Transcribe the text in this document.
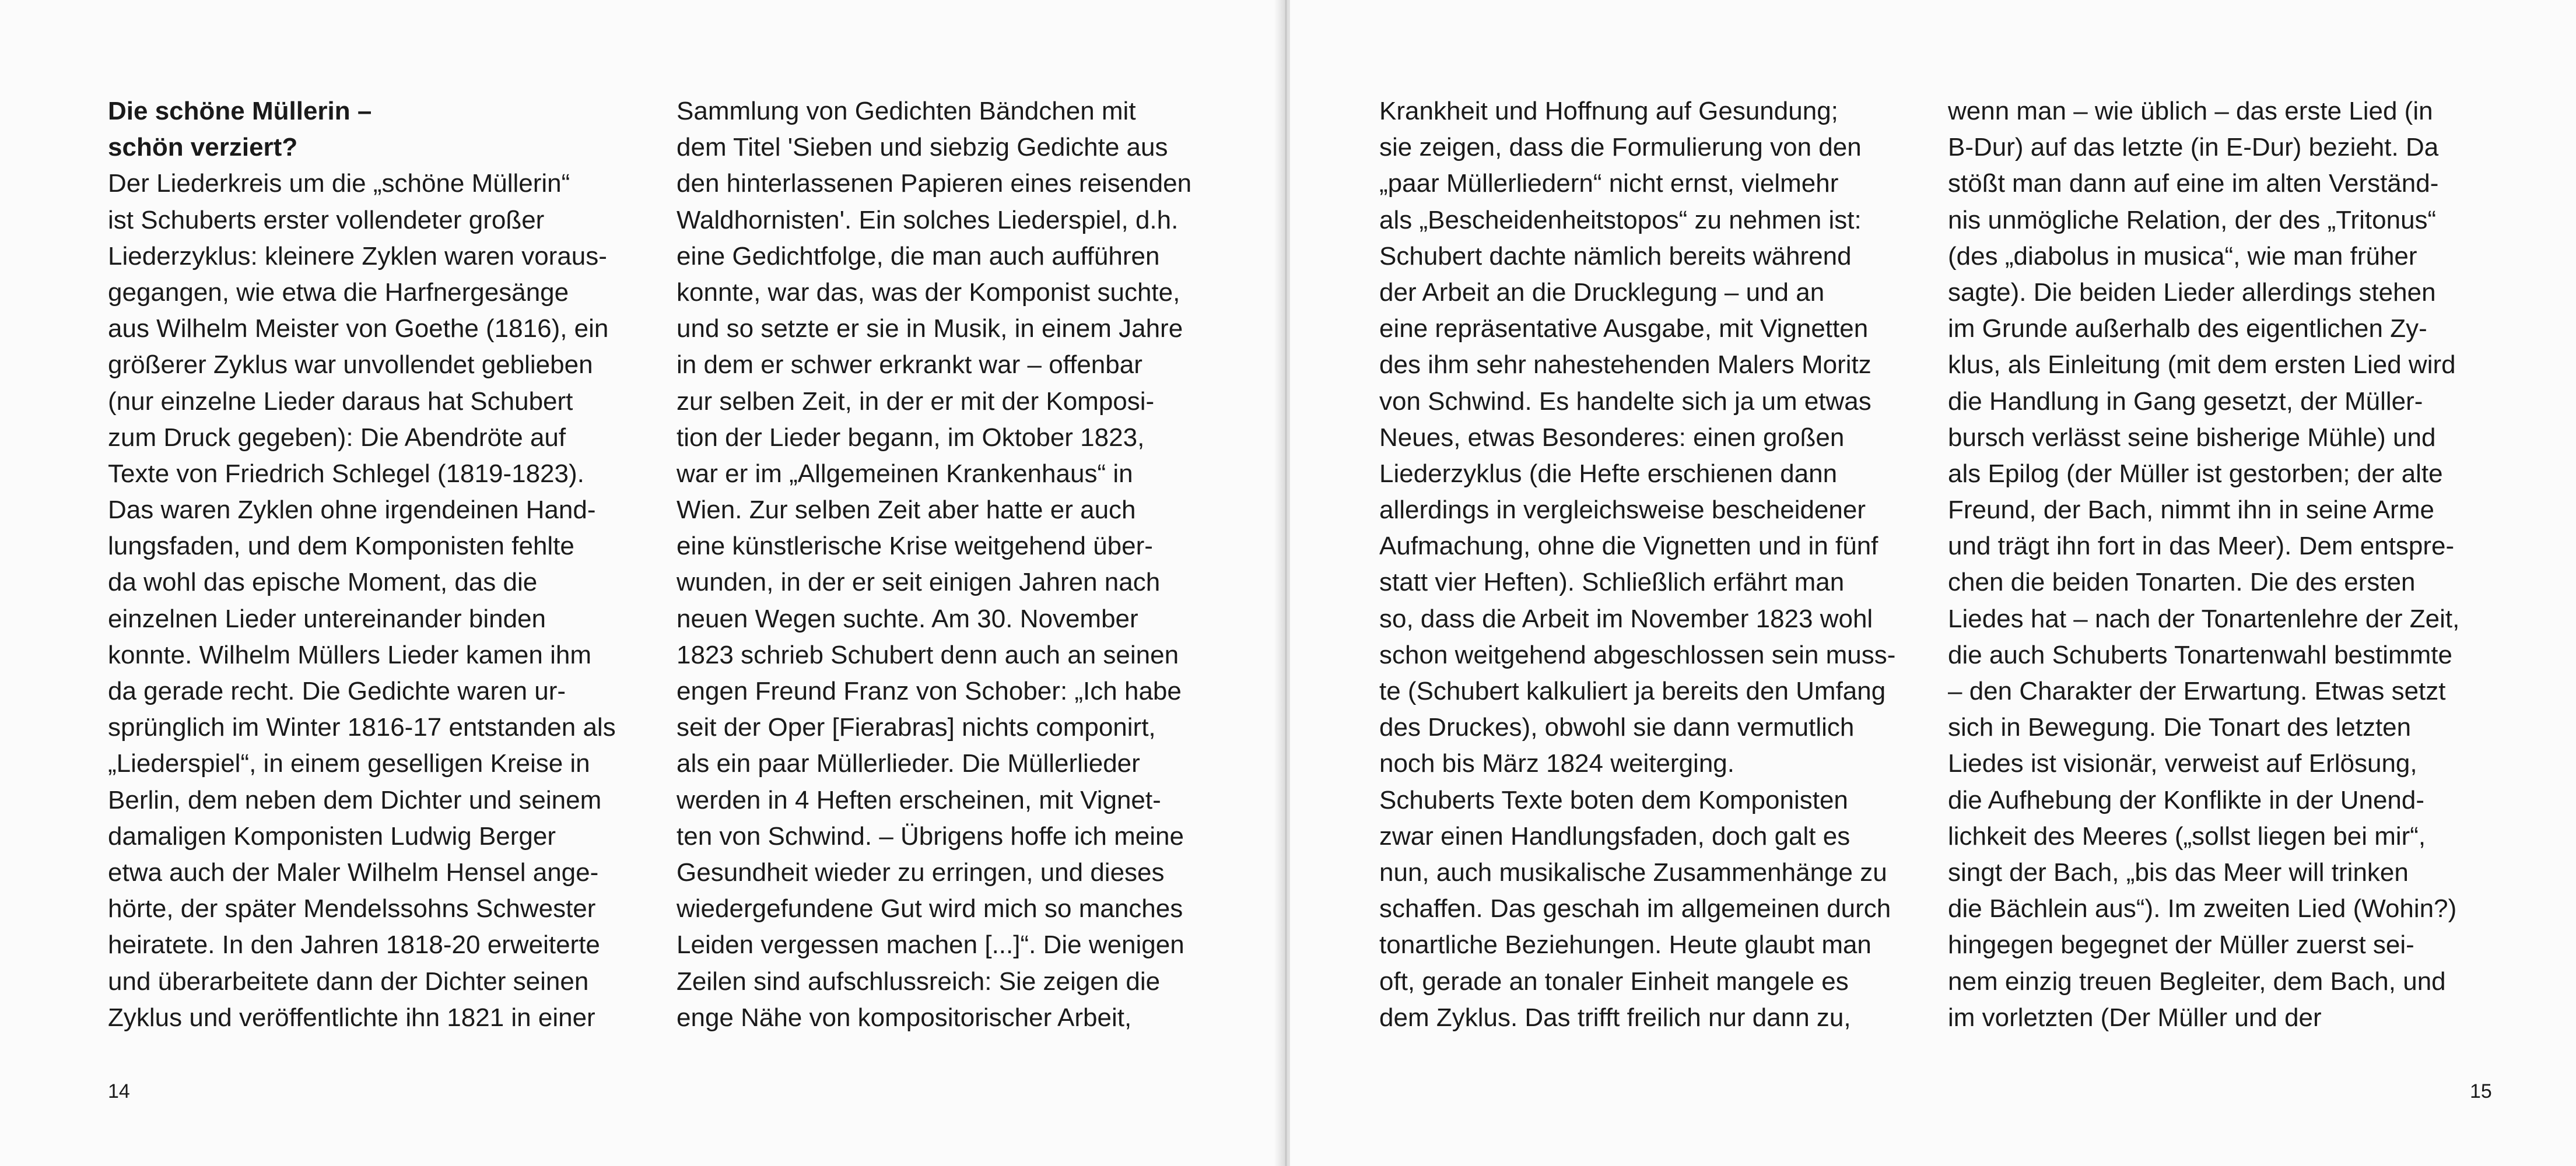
Die schöne Müllerin –
schön verziert?
Der Liederkreis um die „schöne Müllerin“
ist Schuberts erster vollendeter großer
Liederzyklus: kleinere Zyklen waren voraus-
gegangen, wie etwa die Harfnergesänge
aus Wilhelm Meister von Goethe (1816), ein
größerer Zyklus war unvollendet geblieben
(nur einzelne Lieder daraus hat Schubert
zum Druck gegeben): Die Abendröte auf
Texte von Friedrich Schlegel (1819-1823).
Das waren Zyklen ohne irgendeinen Hand-
lungsfaden, und dem Komponisten fehlte
da wohl das epische Moment, das die
einzelnen Lieder untereinander binden
konnte. Wilhelm Müllers Lieder kamen ihm
da gerade recht. Die Gedichte waren ur-
sprünglich im Winter 1816-17 entstanden als
„Liederspiel“, in einem geselligen Kreise in
Berlin, dem neben dem Dichter und seinem
damaligen Komponisten Ludwig Berger
etwa auch der Maler Wilhelm Hensel ange-
hörte, der später Mendelssohns Schwester
heiratete. In den Jahren 1818-20 erweiterte
und überarbeitete dann der Dichter seinen
Zyklus und veröffentlichte ihn 1821 in einer
Sammlung von Gedichten Bändchen mit
dem Titel 'Sieben und siebzig Gedichte aus
den hinterlassenen Papieren eines reisenden
Waldhornisten'. Ein solches Liederspiel, d.h.
eine Gedichtfolge, die man auch aufführen
konnte, war das, was der Komponist suchte,
und so setzte er sie in Musik, in einem Jahre
in dem er schwer erkrankt war – offenbar
zur selben Zeit, in der er mit der Komposi-
tion der Lieder begann, im Oktober 1823,
war er im „Allgemeinen Krankenhaus“ in
Wien. Zur selben Zeit aber hatte er auch
eine künstlerische Krise weitgehend über-
wunden, in der er seit einigen Jahren nach
neuen Wegen suchte. Am 30. November
1823 schrieb Schubert denn auch an seinen
engen Freund Franz von Schober: „Ich habe
seit der Oper [Fierabras] nichts componirt,
als ein paar Müllerlieder. Die Müllerlieder
werden in 4 Heften erscheinen, mit Vignet-
ten von Schwind. – Übrigens hoffe ich meine
Gesundheit wieder zu erringen, und dieses
wiedergefundene Gut wird mich so manches
Leiden vergessen machen [...]“. Die wenigen
Zeilen sind aufschlussreich: Sie zeigen die
enge Nähe von kompositorischer Arbeit,
14
Krankheit und Hoffnung auf Gesundung;
sie zeigen, dass die Formulierung von den
„paar Müllerliedern“ nicht ernst, vielmehr
als „Bescheidenheitstopos“ zu nehmen ist:
Schubert dachte nämlich bereits während
der Arbeit an die Drucklegung – und an
eine repräsentative Ausgabe, mit Vignetten
des ihm sehr nahestehenden Malers Moritz
von Schwind. Es handelte sich ja um etwas
Neues, etwas Besonderes: einen großen
Liederzyklus (die Hefte erschienen dann
allerdings in vergleichsweise bescheidener
Aufmachung, ohne die Vignetten und in fünf
statt vier Heften). Schließlich erfährt man
so, dass die Arbeit im November 1823 wohl
schon weitgehend abgeschlossen sein muss-
te (Schubert kalkuliert ja bereits den Umfang
des Druckes), obwohl sie dann vermutlich
noch bis März 1824 weiterging.
Schuberts Texte boten dem Komponisten
zwar einen Handlungsfaden, doch galt es
nun, auch musikalische Zusammenhänge zu
schaffen. Das geschah im allgemeinen durch
tonartliche Beziehungen. Heute glaubt man
oft, gerade an tonaler Einheit mangele es
dem Zyklus. Das trifft freilich nur dann zu,
wenn man – wie üblich – das erste Lied (in
B-Dur) auf das letzte (in E-Dur) bezieht. Da
stößt man dann auf eine im alten Verständ-
nis unmögliche Relation, der des „Tritonus“
(des „diabolus in musica“, wie man früher
sagte). Die beiden Lieder allerdings stehen
im Grunde außerhalb des eigentlichen Zy-
klus, als Einleitung (mit dem ersten Lied wird
die Handlung in Gang gesetzt, der Müller-
bursch verlässt seine bisherige Mühle) und
als Epilog (der Müller ist gestorben; der alte
Freund, der Bach, nimmt ihn in seine Arme
und trägt ihn fort in das Meer). Dem entspre-
chen die beiden Tonarten. Die des ersten
Liedes hat – nach der Tonartenlehre der Zeit,
die auch Schuberts Tonartenwahl bestimmte
– den Charakter der Erwartung. Etwas setzt
sich in Bewegung. Die Tonart des letzten
Liedes ist visionär, verweist auf Erlösung,
die Aufhebung der Konflikte in der Unend-
lichkeit des Meeres („sollst liegen bei mir“,
singt der Bach, „bis das Meer will trinken
die Bächlein aus“). Im zweiten Lied (Wohin?)
hingegen begegnet der Müller zuerst sei-
nem einzig treuen Begleiter, dem Bach, und
im vorletzten (Der Müller und der
15
